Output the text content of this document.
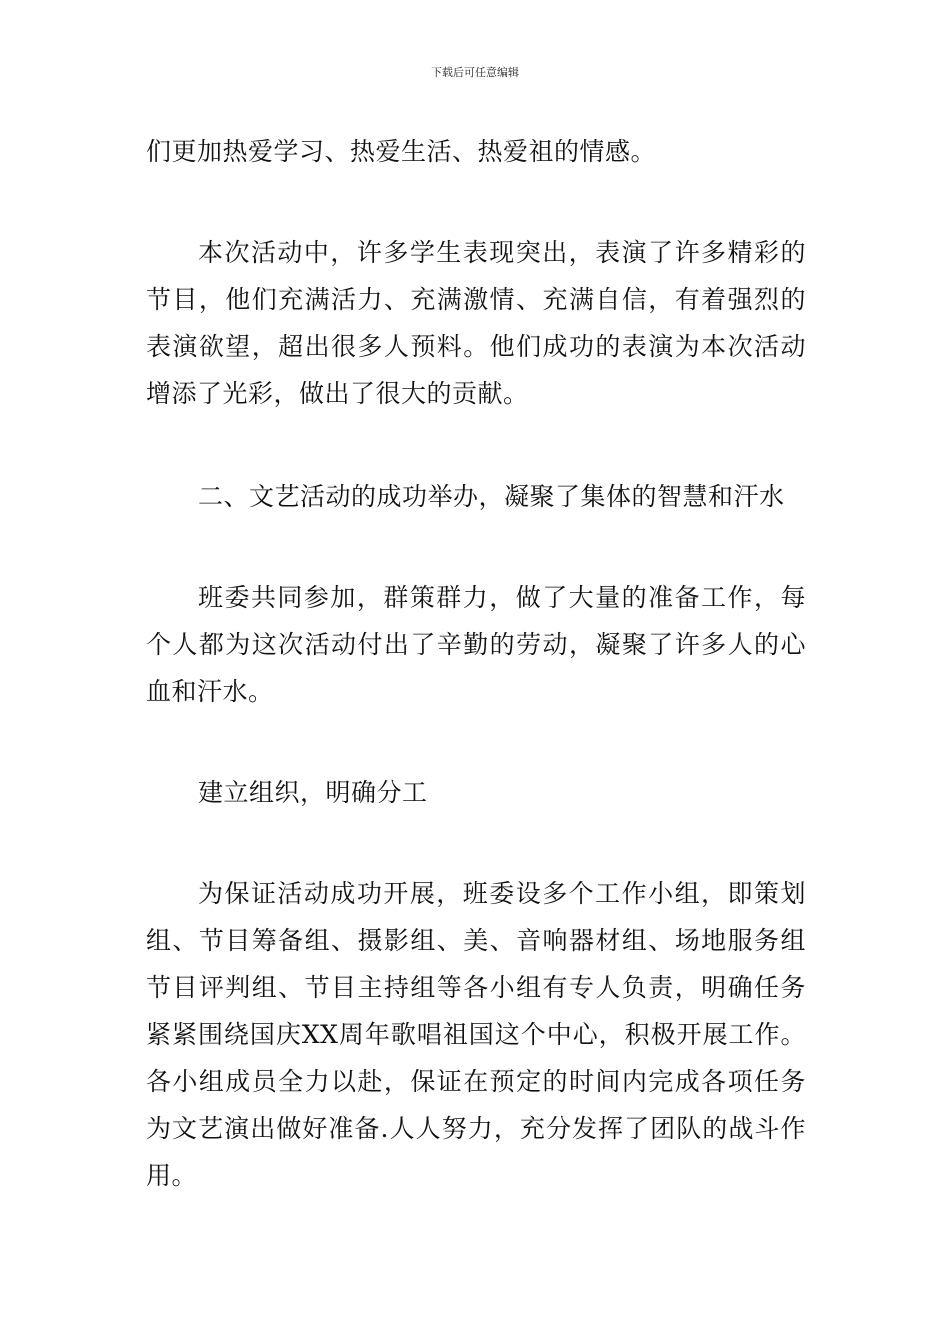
下载后可任意编辑
们更加热爱学习、热爱生活、热爱祖的情感。
本次活动中，许多学生表现突出，表演了许多精彩的
节目，他们充满活力、充满激情、充满自信，有着强烈的
表演欲望，超出很多人预料。他们成功的表演为本次活动
增添了光彩，做出了很大的贡献。
二、文艺活动的成功举办，凝聚了集体的智慧和汗水
班委共同参加，群策群力，做了大量的准备工作，每
个人都为这次活动付出了辛勤的劳动，凝聚了许多人的心
血和汗水。
建立组织，明确分工
为保证活动成功开展，班委设多个工作小组，即策划
组、节目筹备组、摄影组、美、音响器材组、场地服务组
节目评判组、节目主持组等各小组有专人负责，明确任务
紧紧围绕国庆XX周年歌唱祖国这个中心，积极开展工作。
各小组成员全力以赴，保证在预定的时间内完成各项任务
为文艺演出做好准备.人人努力，充分发挥了团队的战斗作
用。
